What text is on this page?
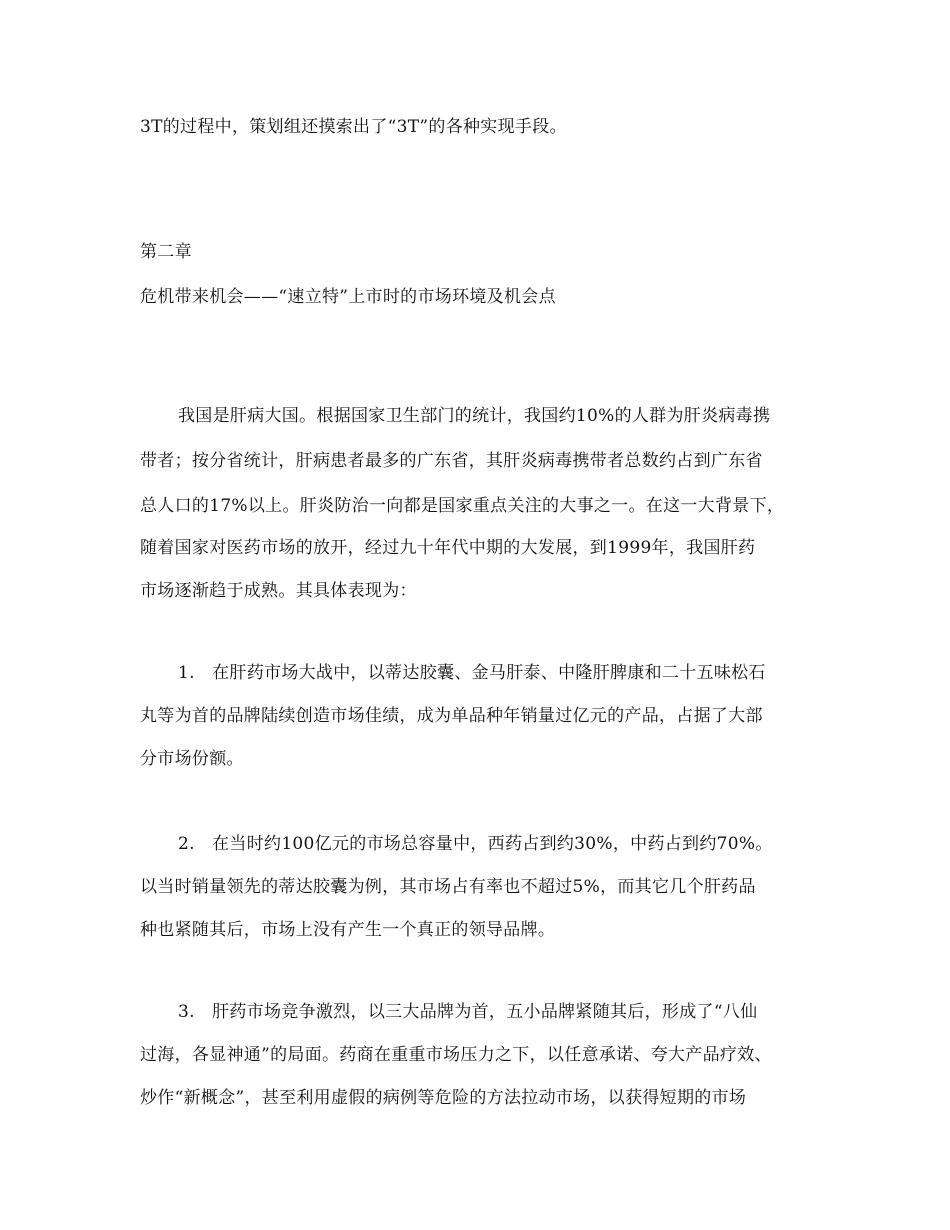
3T的过程中，策划组还摸索出了“3T”的各种实现手段。
第二章
危机带来机会——“速立特”上市时的市场环境及机会点
我国是肝病大国。根据国家卫生部门的统计，我国约10%的人群为肝炎病毒携
带者；按分省统计，肝病患者最多的广东省，其肝炎病毒携带者总数约占到广东省
总人口的17%以上。肝炎防治一向都是国家重点关注的大事之一。在这一大背景下，
随着国家对医药市场的放开，经过九十年代中期的大发展，到1999年，我国肝药
市场逐渐趋于成熟。其具体表现为：
1.　在肝药市场大战中，以蒂达胶囊、金马肝泰、中隆肝脾康和二十五味松石
丸等为首的品牌陆续创造市场佳绩，成为单品种年销量过亿元的产品，占据了大部
分市场份额。
2.　在当时约100亿元的市场总容量中，西药占到约30%，中药占到约70%。
以当时销量领先的蒂达胶囊为例，其市场占有率也不超过5%，而其它几个肝药品
种也紧随其后，市场上没有产生一个真正的领导品牌。
3.　肝药市场竞争激烈，以三大品牌为首，五小品牌紧随其后，形成了“八仙
过海，各显神通”的局面。药商在重重市场压力之下，以任意承诺、夸大产品疗效、
炒作“新概念”，甚至利用虚假的病例等危险的方法拉动市场，以获得短期的市场
